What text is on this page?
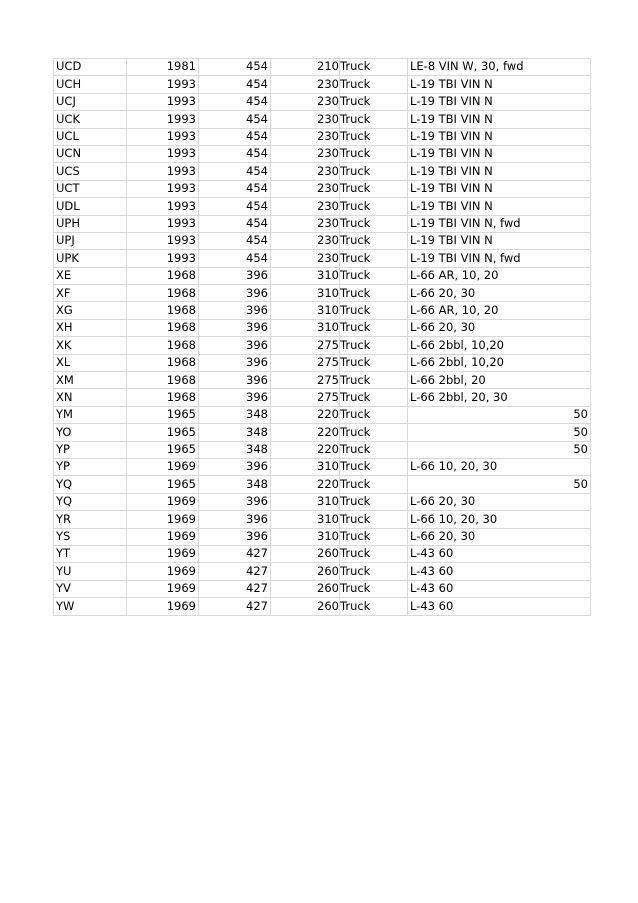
UCD	1981	454	210	Truck	LE-8 VIN W, 30, fwd
UCH	1993	454	230	Truck	L-19 TBI VIN N
UCJ	1993	454	230	Truck	L-19 TBI VIN N
UCK	1993	454	230	Truck	L-19 TBI VIN N
UCL	1993	454	230	Truck	L-19 TBI VIN N
UCN	1993	454	230	Truck	L-19 TBI VIN N
UCS	1993	454	230	Truck	L-19 TBI VIN N
UCT	1993	454	230	Truck	L-19 TBI VIN N
UDL	1993	454	230	Truck	L-19 TBI VIN N
UPH	1993	454	230	Truck	L-19 TBI VIN N, fwd
UPJ	1993	454	230	Truck	L-19 TBI VIN N
UPK	1993	454	230	Truck	L-19 TBI VIN N, fwd
XE	1968	396	310	Truck	L-66 AR, 10, 20
XF	1968	396	310	Truck	L-66 20, 30
XG	1968	396	310	Truck	L-66 AR, 10, 20
XH	1968	396	310	Truck	L-66 20, 30
XK	1968	396	275	Truck	L-66 2bbl, 10,20
XL	1968	396	275	Truck	L-66 2bbl, 10,20
XM	1968	396	275	Truck	L-66 2bbl, 20
XN	1968	396	275	Truck	L-66 2bbl, 20, 30
YM	1965	348	220	Truck	50
YO	1965	348	220	Truck	50
YP	1965	348	220	Truck	50
YP	1969	396	310	Truck	L-66 10, 20, 30
YQ	1965	348	220	Truck	50
YQ	1969	396	310	Truck	L-66 20, 30
YR	1969	396	310	Truck	L-66 10, 20, 30
YS	1969	396	310	Truck	L-66 20, 30
YT	1969	427	260	Truck	L-43 60
YU	1969	427	260	Truck	L-43 60
YV	1969	427	260	Truck	L-43 60
YW	1969	427	260	Truck	L-43 60
